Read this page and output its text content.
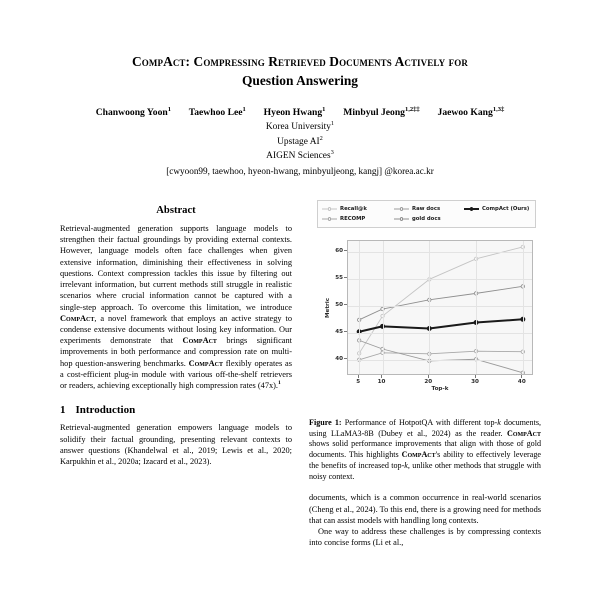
CompAct: Compressing Retrieved Documents Actively for
Question Answering
Chanwoong Yoon$^1$ Taewhoo Lee$^1$ Hyeon Hwang$^1$ Minbyul Jeong$^{1,2\ddagger\ddagger}$ Jaewoo Kang$^{1,3\ddagger}$
Korea University$^1$
Upstage $AI^2$
AIGEN Sciences$^3$
[cwyoon99, taewhoo, hyeon-hwang, minbyuljeong, kangj] @korea.ac.kr
Abstract

Retrieval-augmented generation supports language models to strengthen their factual groundings by providing external contexts. However, language models often face challenges when given extensive information, diminishing their effectiveness in solving questions. Context compression tackles this issue by filtering out irrelevant information, but current methods still struggle in realistic scenarios where crucial information cannot be captured with a single-step approach. To overcome this limitation, we introduce CompAct, a novel framework that employs an active strategy to condense extensive documents without losing key information. Our experiments demonstrate that CompAct brings significant improvements in both performance and compression rate on multi-hop question-answering benchmarks. CompAct flexibly operates as a cost-efficient plug-in module with various off-the-shelf retrievers or readers, achieving exceptionally high compression rates (47x).$^1$

1 Introduction

Retrieval-augmented generation empowers language models to solidify their factual grounding, presenting relevant contexts to answer questions (Khandelwal et al., 2019; Lewis et al., 2020; Karpukhin et al., 2020a; Izacard et al., 2023).

Recall@k	Raw docs	CompAct (Ours)
RECOMP	gold docs
40
45
50
55
60
5	10	20	30	40
Metric
Top-k
Figure 1: Performance of HotpotQA with different top-k documents, using LLaMA3-8B (Dubey et al., 2024) as the reader. CompAct shows solid performance improvements that align with those of gold documents. This highlights CompAct's ability to effectively leverage the benefits of increased top-k, unlike other methods that struggle with noisy context.

documents, which is a common occurrence in real-world scenarios (Cheng et al., 2024). To this end, there is a growing need for methods that can assist models with handling long contexts.

One way to address these challenges is by compressing contexts into concise forms (Li et al.,
